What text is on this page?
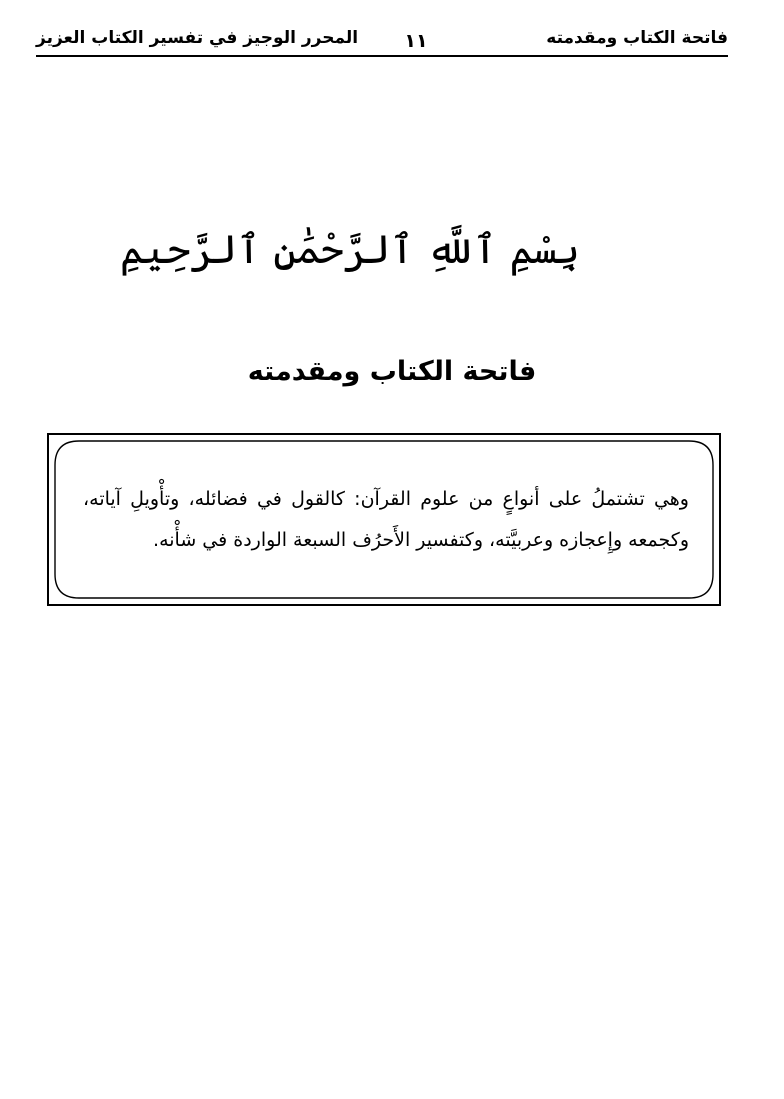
فاتحة الكتاب ومقدمته
١١
المحرر الوجيز في تفسير الكتاب العزيز
بِسْمِ ٱللَّهِ ٱلرَّحْمَٰنِ ٱلرَّحِيمِ
فاتحة الكتاب ومقدمته
وهي تشتملُ على أنواعٍ من علوم القرآن: كالقول في فضائله، وتأْويلِ آياته، وكجمعه وإِعجازه وعربيَّته، وكتفسير الأَحرُف السبعة الواردة في شأْنه.
